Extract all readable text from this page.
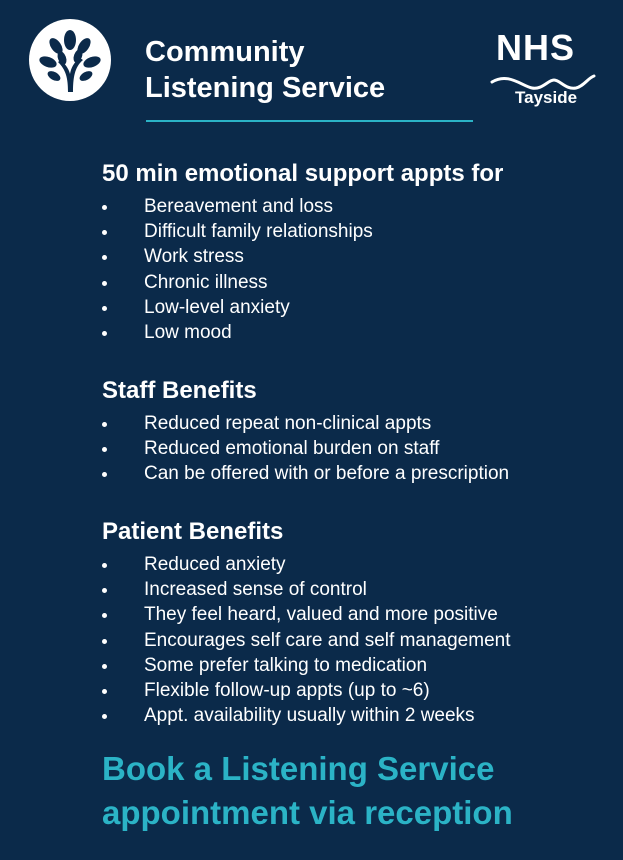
Community
Listening Service
NHS
Tayside
50 min emotional support appts for
Bereavement and loss
Difficult family relationships
Work stress
Chronic illness
Low-level anxiety
Low mood
Staff Benefits
Reduced repeat non-clinical appts
Reduced emotional burden on staff
Can be offered with or before a prescription
Patient Benefits
Reduced anxiety
Increased sense of control
They feel heard, valued and more positive
Encourages self care and self management
Some prefer talking to medication
Flexible follow-up appts (up to ~6)
Appt. availability usually within 2 weeks
Book a Listening Service
appointment via reception
